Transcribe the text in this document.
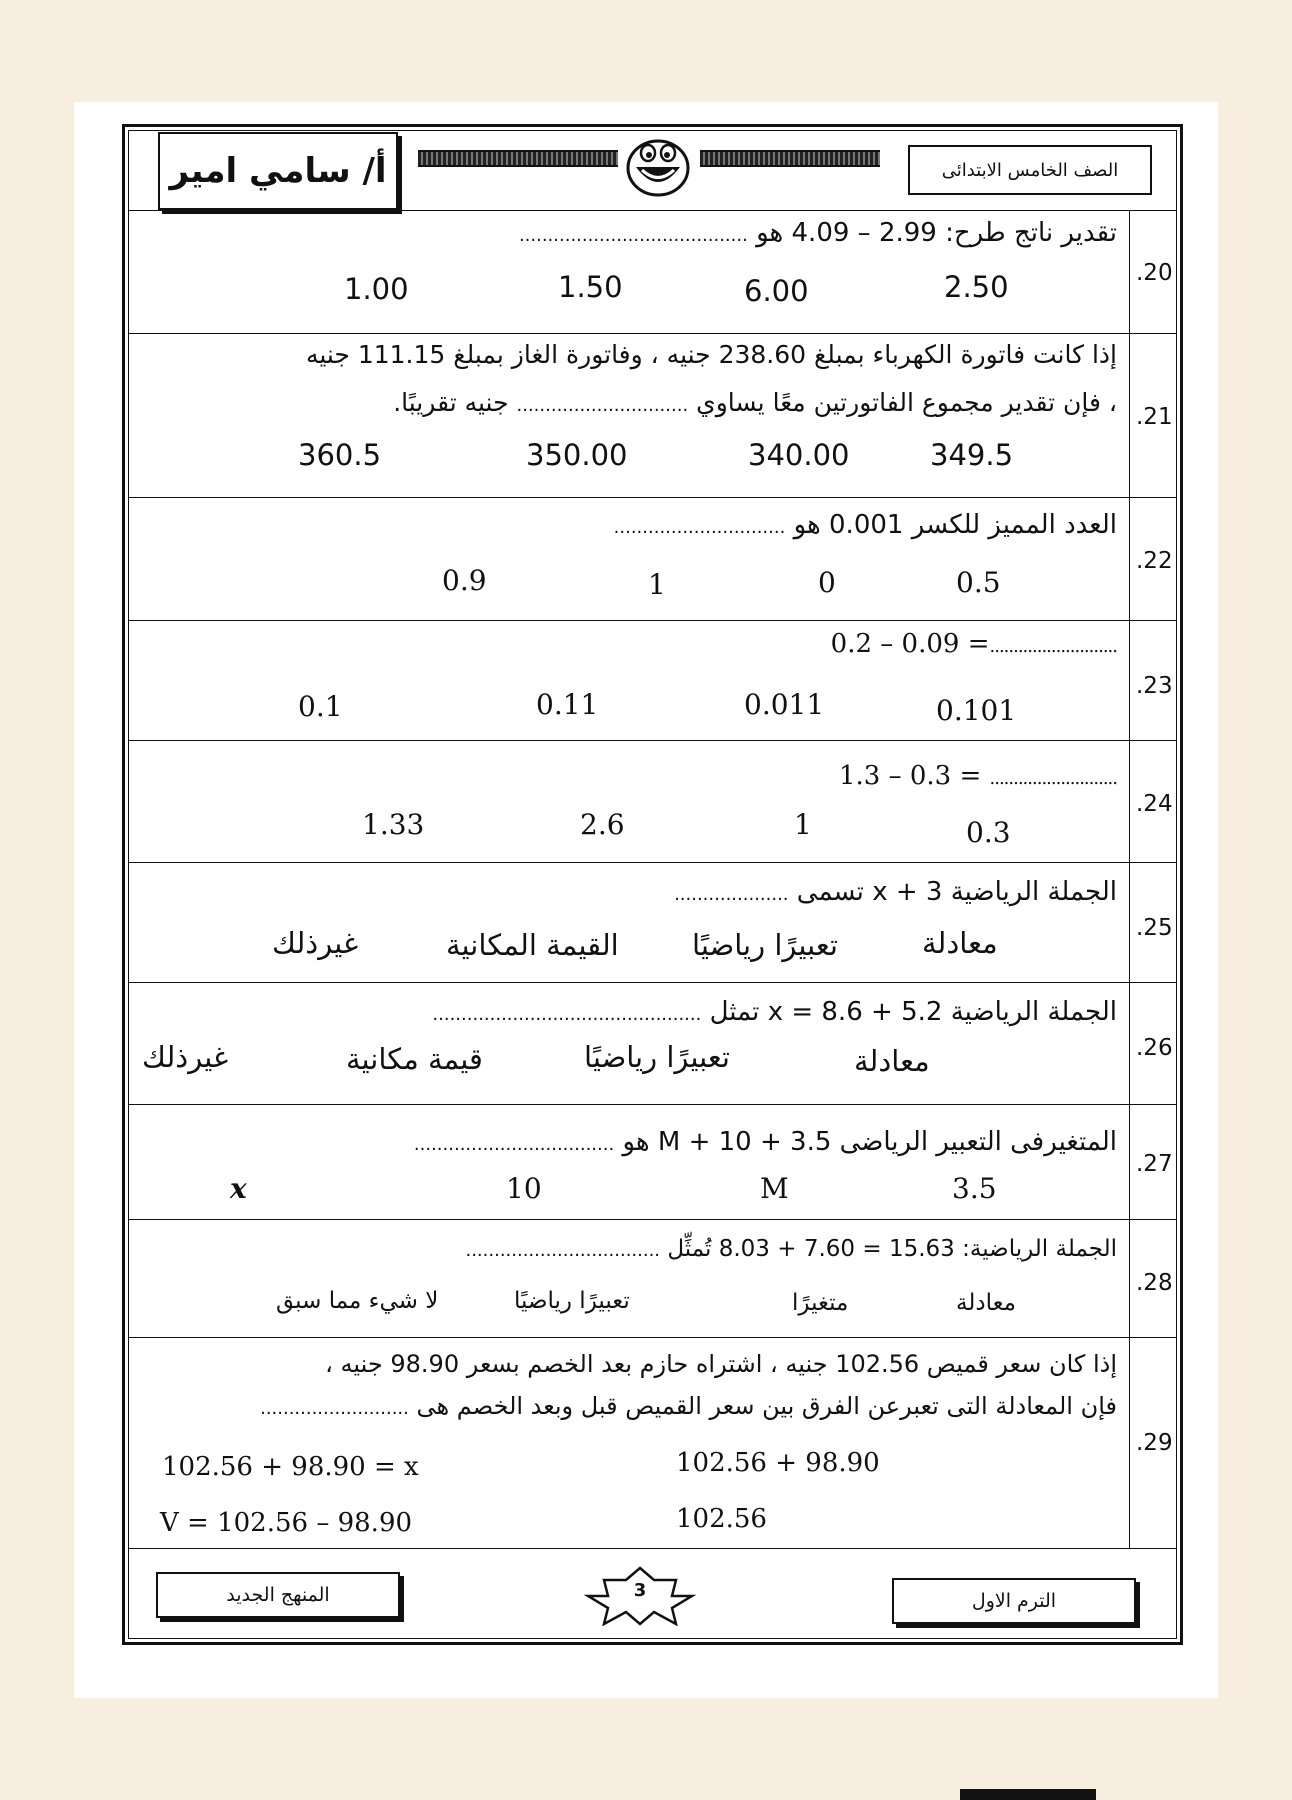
أ/ سامي امير	الصف الخامس الابتدائى
.20
تقدير ناتج طرح: 2.99 – 4.09 هو ........................................
2.50
6.00
1.50
1.00
.21
إذا كانت فاتورة الكهرباء بمبلغ 238.60 جنيه ، وفاتورة الغاز بمبلغ 111.15 جنيه
، فإن تقدير مجموع الفاتورتين معًا يساوي .............................. جنيه تقريبًا.
349.5
340.00
350.00
360.5
.22
العدد المميز للكسر 0.001 هو ..............................
0.5
0
1
0.9
.23
...........................0.2 – 0.09 =
0.101
0.011
0.11
0.1
.24
........................... 1.3 – 0.3 =
0.3
1
2.6
1.33
.25
الجملة الرياضية x + 3 تسمى ....................
معادلة
تعبيرًا رياضيًا
القيمة المكانية
غيرذلك
.26
الجملة الرياضية 5.2 + x = 8.6 تمثل ...............................................
معادلة
تعبيرًا رياضيًا
قيمة مكانية
غيرذلك
.27
المتغيرفى التعبير الرياضى M + 10 + 3.5 هو ...................................
3.5
M
10
x
.28
الجملة الرياضية: 15.63 = 7.60 + 8.03 تُمثِّل ..................................
معادلة
متغيرًا
تعبيرًا رياضيًا
لا شيء مما سبق
.29
إذا كان سعر قميص 102.56 جنيه ، اشتراه حازم بعد الخصم بسعر 98.90 جنيه ،
فإن المعادلة التى تعبرعن الفرق بين سعر القميص قبل وبعد الخصم هى ..........................
102.56 + 98.90
102.56 + 98.90 = x
102.56
V = 102.56 – 98.90
المنهج الجديد	3	الترم الاول
